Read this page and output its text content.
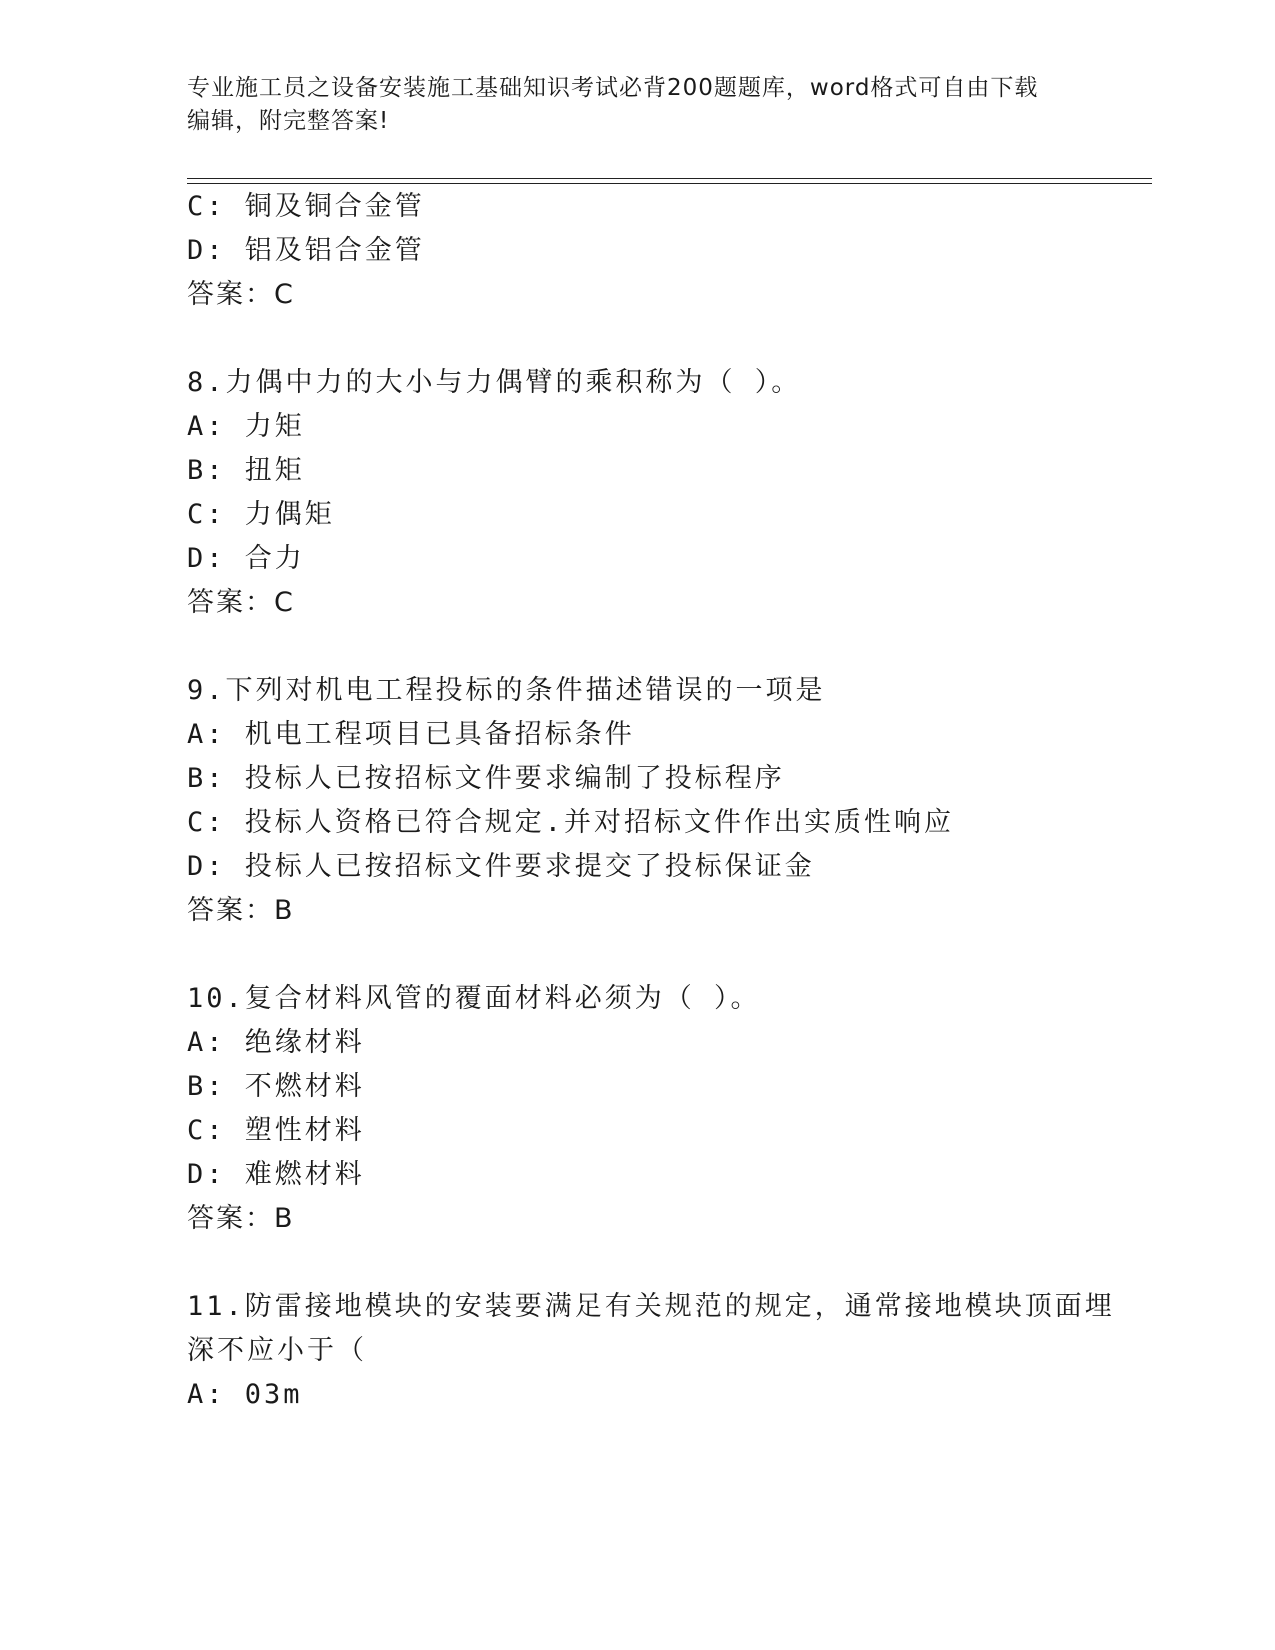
专业施工员之设备安装施工基础知识考试必背200题题库，word格式可自由下载
编辑，附完整答案!
C: 铜及铜合金管
D: 铝及铝合金管
答案：C
8.力偶中力的大小与力偶臂的乘积称为（ ）。
A: 力矩
B: 扭矩
C: 力偶矩
D: 合力
答案：C
9.下列对机电工程投标的条件描述错误的一项是
A: 机电工程项目已具备招标条件
B: 投标人已按招标文件要求编制了投标程序
C: 投标人资格已符合规定.并对招标文件作出实质性响应
D: 投标人已按招标文件要求提交了投标保证金
答案：B
10.复合材料风管的覆面材料必须为（ ）。
A: 绝缘材料
B: 不燃材料
C: 塑性材料
D: 难燃材料
答案：B
11.防雷接地模块的安装要满足有关规范的规定，通常接地模块顶面埋
深不应小于（
A: 03m
